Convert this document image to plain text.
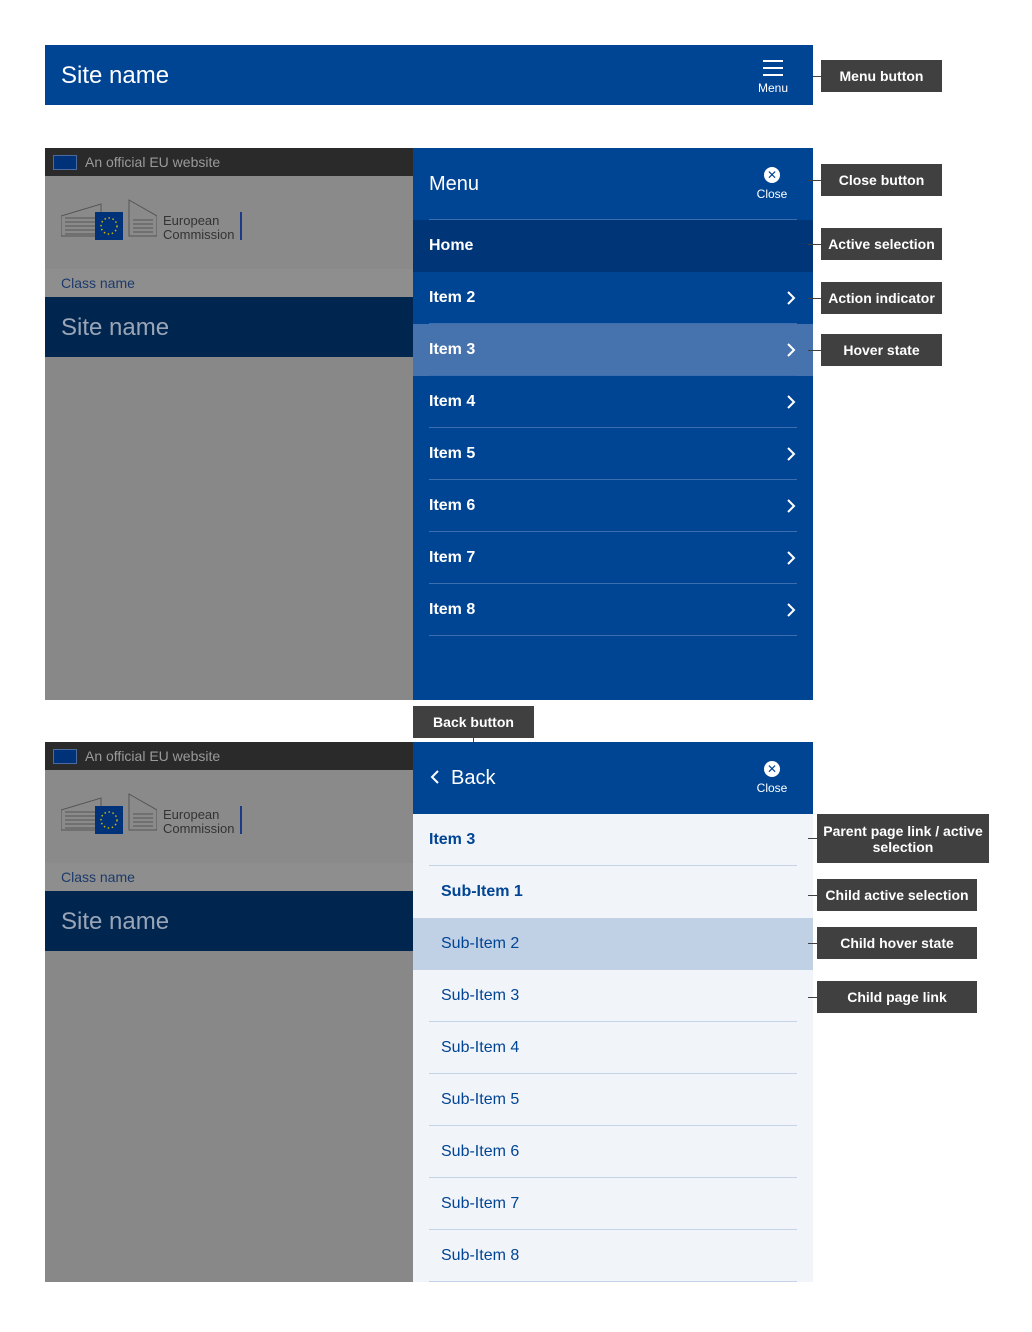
Site name	Menu
Menu button
An official EU website
European
Commission
Class name
Site name
Menu	✕
Close
Home
Item 2
Item 3
Item 4
Item 5
Item 6
Item 7
Item 8
Close button
Active selection
Action indicator
Hover state
Back button
An official EU website
European
Commission
Class name
Site name
Back	✕
Close
Item 3
Sub-Item 1
Sub-Item 2
Sub-Item 3
Sub-Item 4
Sub-Item 5
Sub-Item 6
Sub-Item 7
Sub-Item 8
Parent page link / active selection
Child active selection
Child hover state
Child page link
